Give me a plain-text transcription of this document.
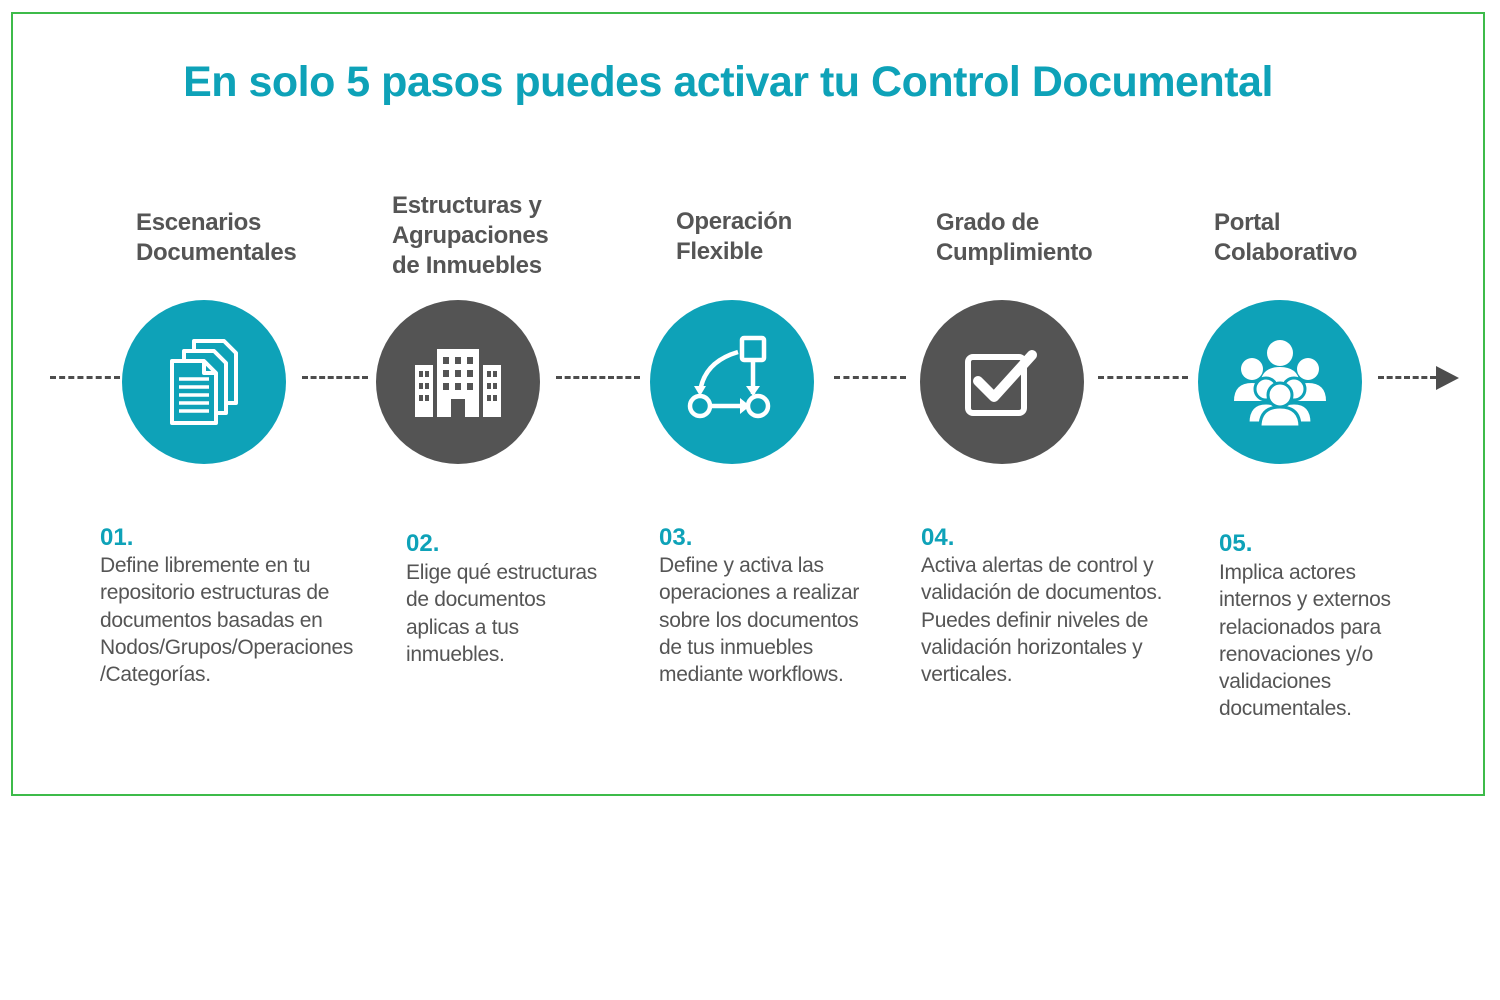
En solo 5 pasos puedes activar tu Control Documental
Escenarios
Documentales
01.
Define libremente en tu
repositorio estructuras de
documentos basadas en
Nodos/Grupos/Operaciones
/Categorías.
Estructuras y
Agrupaciones
de Inmuebles
02.
Elige qué estructuras
de documentos
aplicas a tus
inmuebles.
Operación
Flexible
03.
Define y activa las
operaciones a realizar
sobre los documentos
de tus inmuebles
mediante workflows.
Grado de
Cumplimiento
04.
Activa alertas de control y
validación de documentos.
Puedes definir niveles de
validación horizontales y
verticales.
Portal
Colaborativo
05.
Implica actores
internos y externos
relacionados para
renovaciones y/o
validaciones
documentales.
